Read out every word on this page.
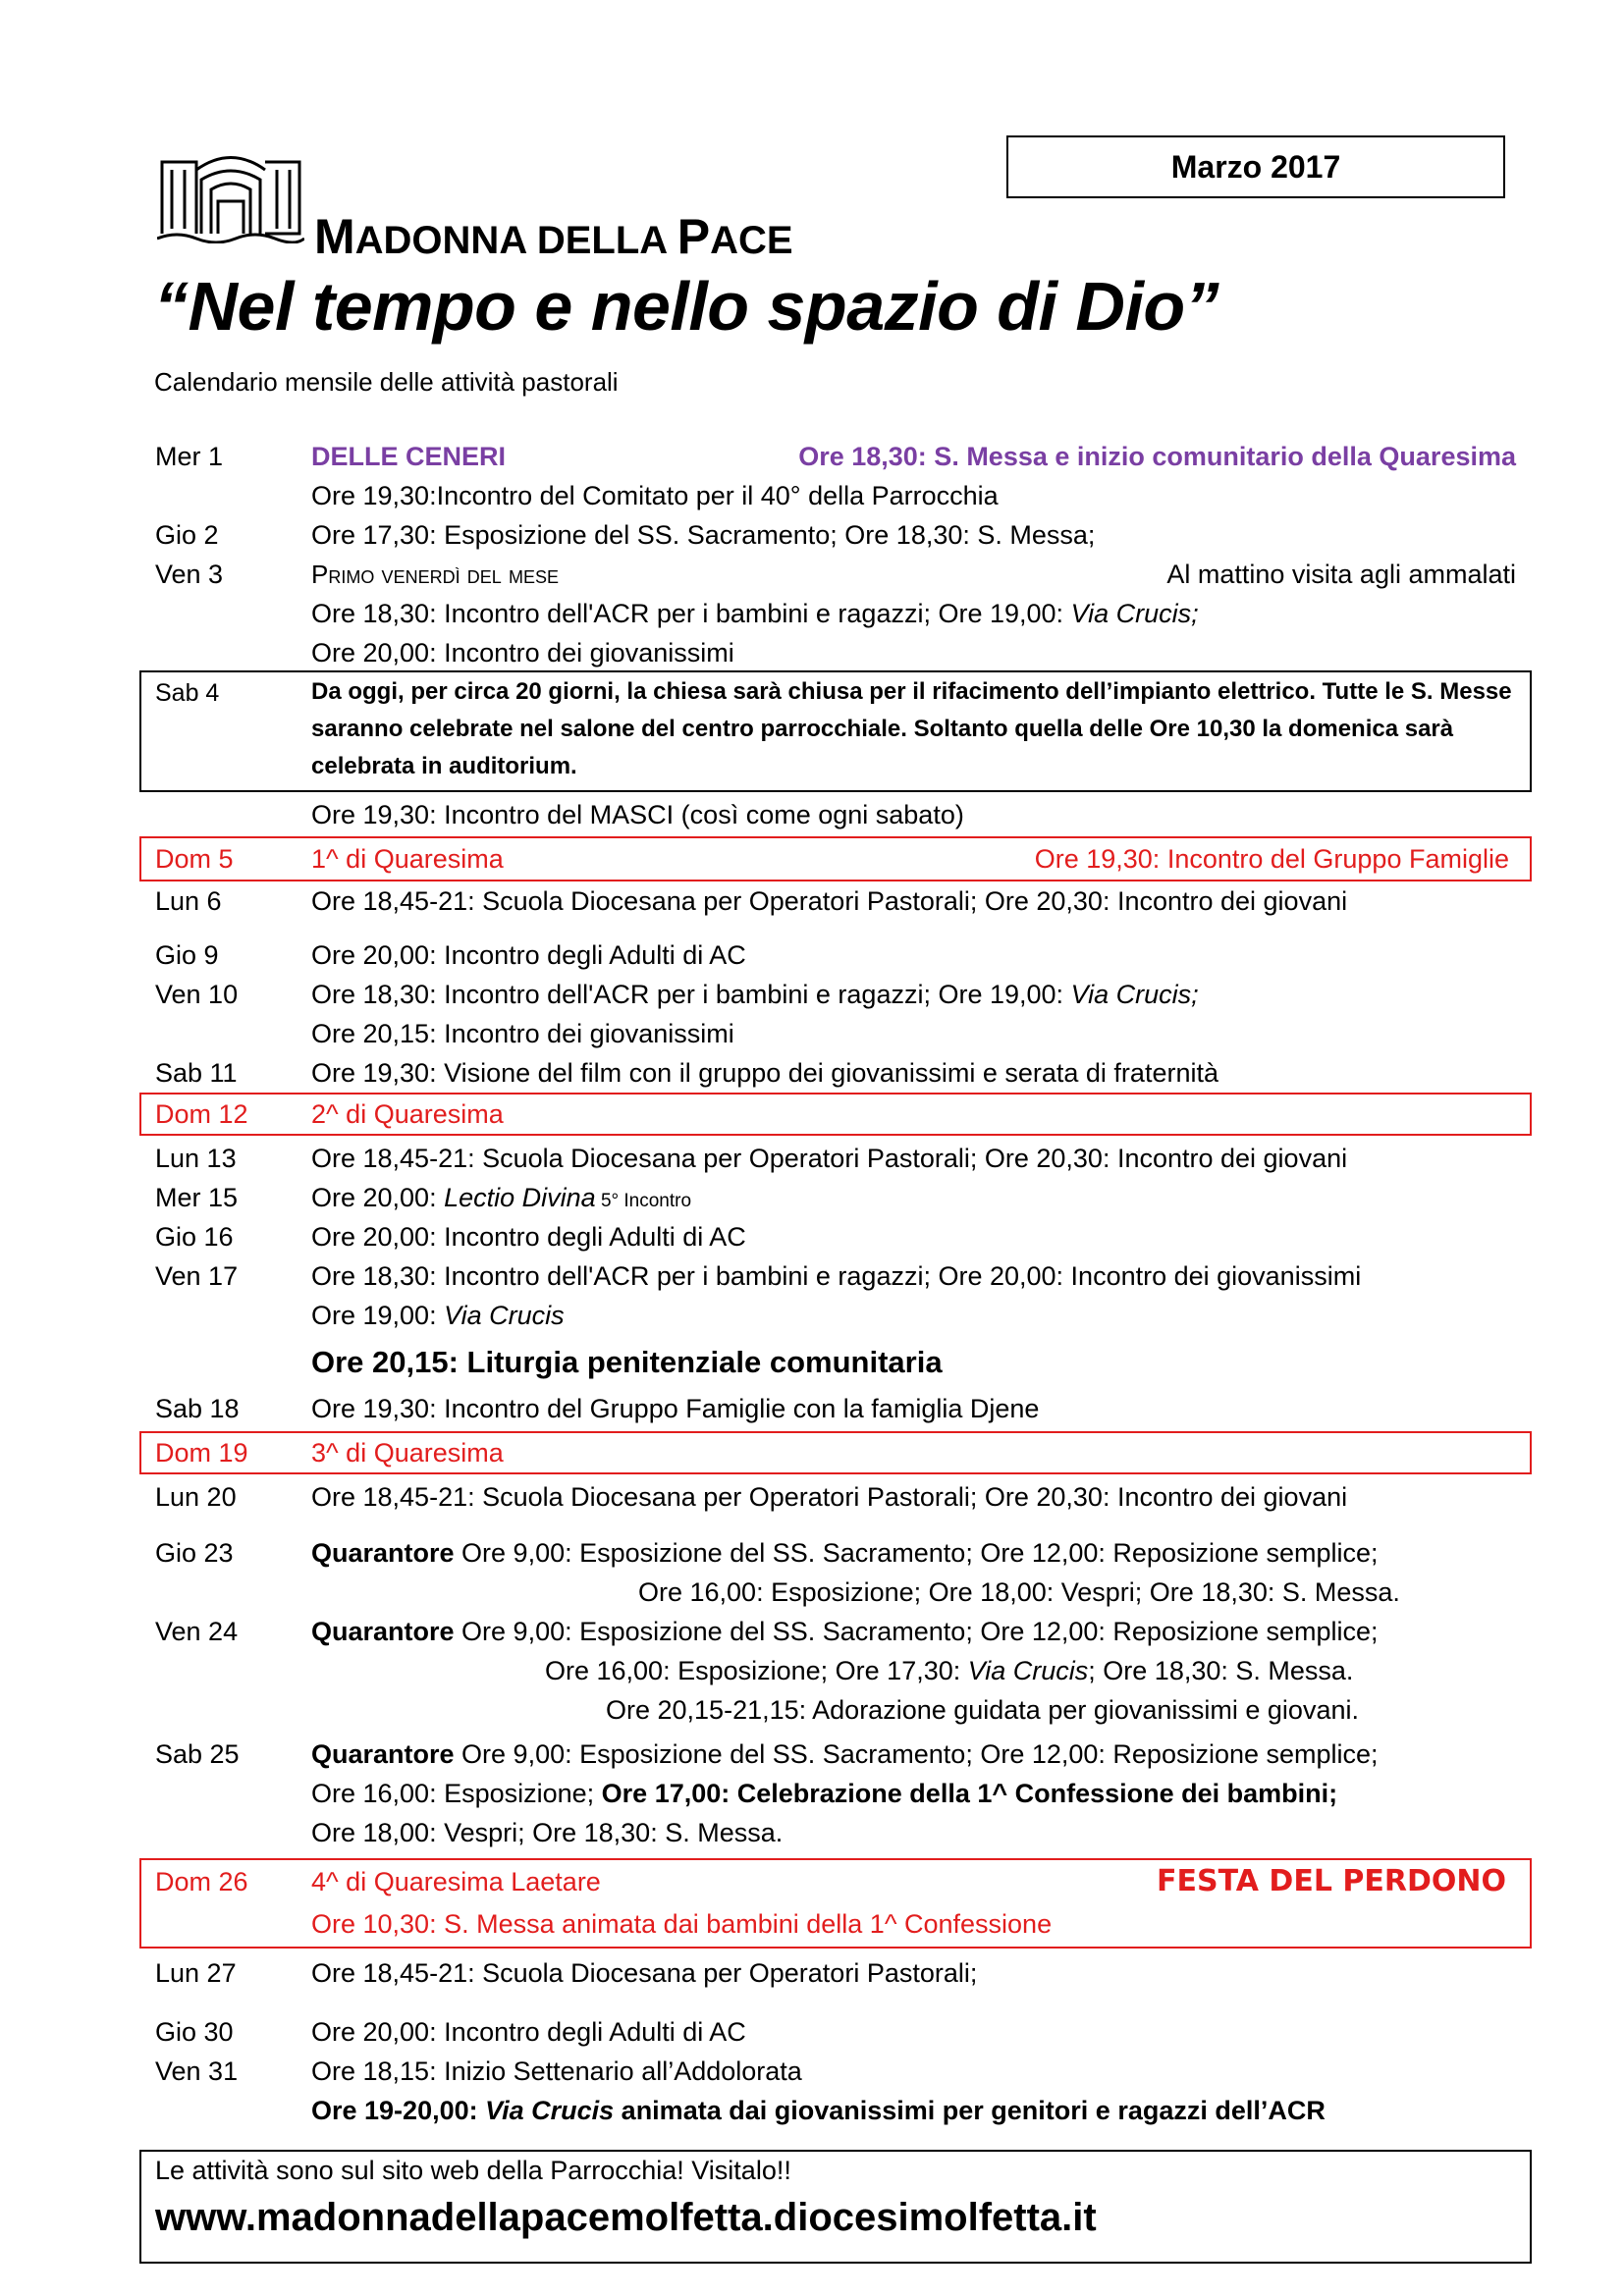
Marzo 2017
MADONNA DELLA PACE
“Nel tempo e nello spazio di Dio”
Calendario mensile delle attività pastorali
Mer 1	DELLE CENERI	Ore 18,30: S. Messa e inizio comunitario della Quaresima
Ore 19,30:Incontro del Comitato per il 40° della Parrocchia
Gio 2	Ore 17,30: Esposizione del SS. Sacramento; Ore 18,30: S. Messa;
Ven 3	Primo venerdì del mese	Al mattino visita agli ammalati
Ore 18,30: Incontro dell'ACR per i bambini e ragazzi; Ore 19,00: Via Crucis;
Ore 20,00: Incontro dei giovanissimi
Sab 4	Da oggi, per circa 20 giorni, la chiesa sarà chiusa per il rifacimento dell’impianto elettrico. Tutte le S. Messe saranno celebrate nel salone del centro parrocchiale. Soltanto quella delle Ore 10,30 la domenica sarà celebrata in auditorium.
Ore 19,30: Incontro del MASCI (così come ogni sabato)
Dom 5	1^ di Quaresima	Ore 19,30: Incontro del Gruppo Famiglie
Lun 6	Ore 18,45-21: Scuola Diocesana per Operatori Pastorali; Ore 20,30: Incontro dei giovani
Gio 9	Ore 20,00: Incontro degli Adulti di AC
Ven 10	Ore 18,30: Incontro dell'ACR per i bambini e ragazzi; Ore 19,00: Via Crucis;
Ore 20,15: Incontro dei giovanissimi
Sab 11	Ore 19,30: Visione del film con il gruppo dei giovanissimi e serata di fraternità
Dom 12 2^ di Quaresima
Lun 13	Ore 18,45-21: Scuola Diocesana per Operatori Pastorali; Ore 20,30: Incontro dei giovani
Mer 15	Ore 20,00: Lectio Divina 5° Incontro
Gio 16	Ore 20,00: Incontro degli Adulti di AC
Ven 17	Ore 18,30: Incontro dell'ACR per i bambini e ragazzi; Ore 20,00: Incontro dei giovanissimi
Ore 19,00: Via Crucis
Ore 20,15: Liturgia penitenziale comunitaria
Sab 18	Ore 19,30: Incontro del Gruppo Famiglie con la famiglia Djene
Dom 19 3^ di Quaresima
Lun 20	Ore 18,45-21: Scuola Diocesana per Operatori Pastorali; Ore 20,30: Incontro dei giovani
Gio 23	Quarantore Ore 9,00: Esposizione del SS. Sacramento; Ore 12,00: Reposizione semplice;
Ore 16,00: Esposizione; Ore 18,00: Vespri; Ore 18,30: S. Messa.
Ven 24	Quarantore Ore 9,00: Esposizione del SS. Sacramento; Ore 12,00: Reposizione semplice;
Ore 16,00: Esposizione; Ore 17,30: Via Crucis; Ore 18,30: S. Messa.
Ore 20,15-21,15: Adorazione guidata per giovanissimi e giovani.
Sab 25	Quarantore Ore 9,00: Esposizione del SS. Sacramento; Ore 12,00: Reposizione semplice;
Ore 16,00: Esposizione; Ore 17,00: Celebrazione della 1^ Confessione dei bambini;
Ore 18,00: Vespri; Ore 18,30: S. Messa.
Dom 26 4^ di Quaresima Laetare	FESTA DEL PERDONO
Ore 10,30: S. Messa animata dai bambini della 1^ Confessione
Lun 27	Ore 18,45-21: Scuola Diocesana per Operatori Pastorali;
Gio 30	Ore 20,00: Incontro degli Adulti di AC
Ven 31	Ore 18,15: Inizio Settenario all’Addolorata
Ore 19-20,00: Via Crucis animata dai giovanissimi per genitori e ragazzi dell’ACR
Le attività sono sul sito web della Parrocchia! Visitalo!!
www.madonnadellapacemolfetta.diocesimolfetta.it
